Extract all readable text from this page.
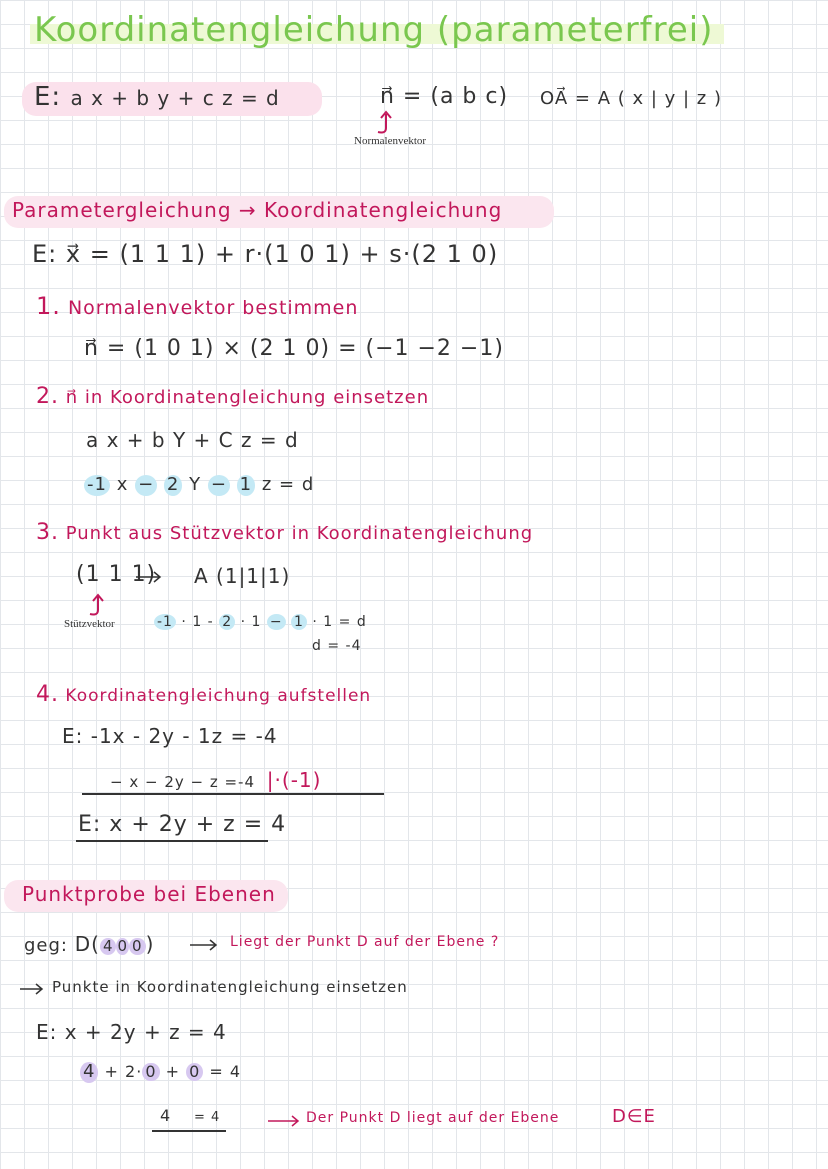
Koordinatengleichung (parameterfrei)
E: a x + b y + c z = d	n⃗ = (a b c)
Normalenvektor
OA⃗ = A ( x | y | z )
Parametergleichung → Koordinatengleichung
E: x⃗ = (1 1 1) + r·(1 0 1) + s·(2 1 0)
1. Normalenvektor bestimmen
n⃗ = (1 0 1) × (2 1 0) = (−1 −2 −1)
2. n⃗ in Koordinatengleichung einsetzen
a x + b Y + C z = d
-1 x − 2 Y − 1 z = d
3. Punkt aus Stützvektor in Koordinatengleichung
(1 1 1) A (1|1|1)
Stützvektor	-1 · 1 - 2 · 1 − 1 · 1 = d
d = -4
4. Koordinatengleichung aufstellen
E: -1x - 2y - 1z = -4
− x − 2y − z =-4 |·(-1)
E: x + 2y + z = 4
Punktprobe bei Ebenen
geg: D( 4 0 0 )	Liegt der Punkt D auf der Ebene ?
Punkte in Koordinatengleichung einsetzen
E: x + 2y + z = 4
4 + 2· 0 + 0 = 4
4 = 4	Der Punkt D liegt auf der Ebene	D∈E
